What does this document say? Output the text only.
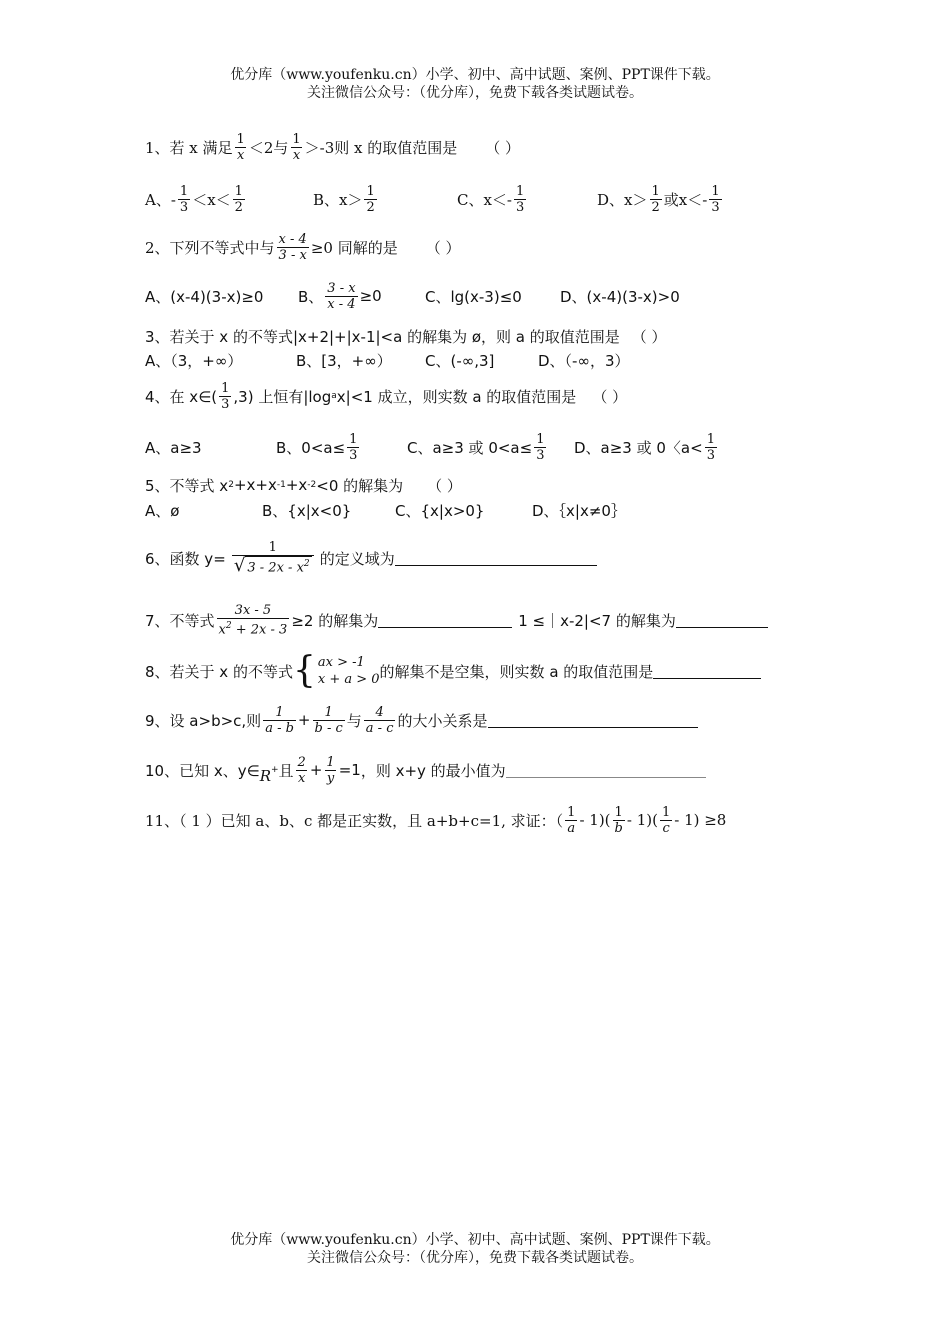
优分库（www.youfenku.cn）小学、初中、高中试题、案例、PPT课件下载。
关注微信公众号：（优分库），免费下载各类试题试卷。
1、若 x 满足 $\frac{1}{x} <2$与 $\frac{1}{x} >-3$则 x 的取值范围是 （ ）
A、- $\frac{1}{3} <x< \frac{1}{2}$	B、$x> \frac{1}{2}$	C、$x<- \frac{1}{3}$	D、$x> \frac{1}{2}$ 或$x<- \frac{1}{3}$
2、下列不等式中与 $\frac{x - 4}{3 - x} \ge 0$ 同解的是 （ ）
A、(x-4)(3-x)≥0 B、 $\frac{3 - x}{x - 4} \ge 0$	C、lg(x-3)≤0	D、(x-4)(3-x)>0
3、若关于 x 的不等式|x+2|+|x-1|<a 的解集为 ø，则 a 的取值范围是 （ ）
A、（3，+∞）	B、[3，+∞） C、(-∞,3]	D、（-∞，3）
4、在 x∈( $\frac{1}{3} ,3$) 上恒有|log a x|<1 成立，则实数 a 的取值范围是 （ ）
A、a≥3	B、$0<a\le \frac{1}{3}$	C、a≥3 或 $0<a\le \frac{1}{3}$ D、a≥3 或 0〈$a< \frac{1}{3}$
5、不等式 x 2 +x+x -1 +x -2 <0 的解集为 （ ）
A、ø	B、{x|x<0}	C、{x|x>0}	D、｛x|x≠0｝
6、函数 $y= \frac{1}{√ 3 - 2x - x^2}$ 的定义域为
7、不等式 $\frac{3x - 5}{x^2 + 2x - 3} \ge 2$ 的解集为	1 ≤｜x-2|<7 的解集为
8、若关于 x 的不等式 { ax > -1
x + a > 0 的解集不是空集，则实数 a 的取值范围是
9、设 a>b>c,则 $\frac{1}{a - b} + \frac{1}{b - c}$ 与 $\frac{4}{a - c}$ 的大小关系是
10、已知 x、y∈ R+ 且 $\frac{2}{x} + \frac{1}{y} =1$ ，则 x+y 的最小值为
11、（ 1 ）已知 a、b、c 都是正实数，且 a+b+c=1, 求证：（ $\frac{1}{a} - 1)( \frac{1}{b} - 1)( \frac{1}{c} - 1) \ge 8$
优分库（www.youfenku.cn）小学、初中、高中试题、案例、PPT课件下载。
关注微信公众号：（优分库），免费下载各类试题试卷。
